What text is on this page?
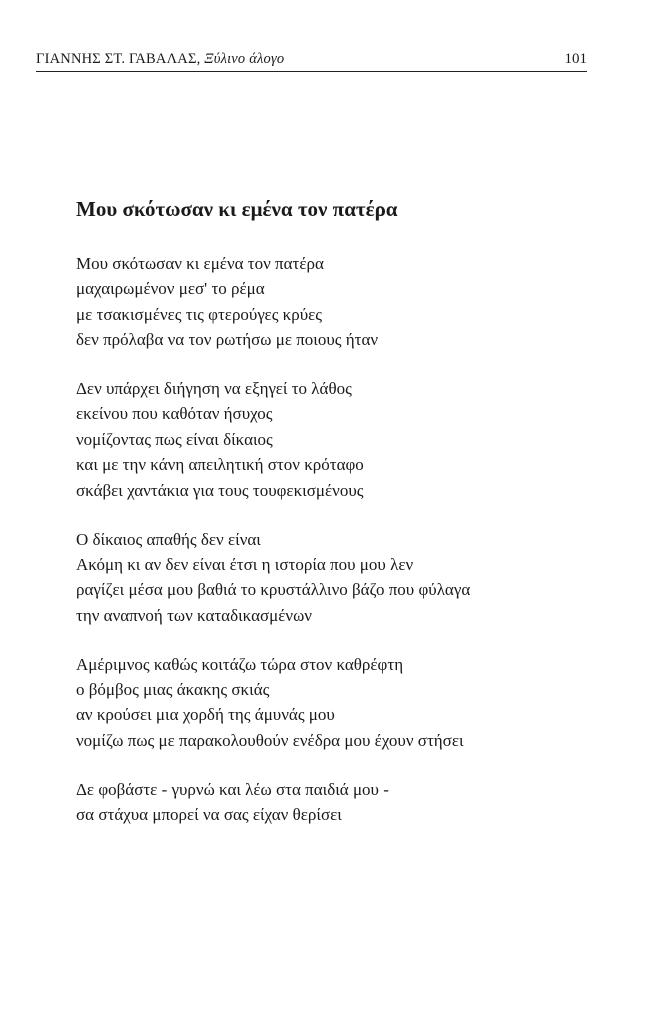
ΓΙΑΝΝΗΣ ΣΤ. ΓΑΒΑΛΑΣ, Ξύλινο άλογο	101
Μου σκότωσαν κι εμένα τον πατέρα
Μου σκότωσαν κι εμένα τον πατέρα
μαχαιρωμένον μεσ' το ρέμα
με τσακισμένες τις φτερούγες κρύες
δεν πρόλαβα να τον ρωτήσω με ποιους ήταν
Δεν υπάρχει διήγηση να εξηγεί το λάθος
εκείνου που καθόταν ήσυχος
νομίζοντας πως είναι δίκαιος
και με την κάνη απειλητική στον κρόταφο
σκάβει χαντάκια για τους τουφεκισμένους
Ο δίκαιος απαθής δεν είναι
Ακόμη κι αν δεν είναι έτσι η ιστορία που μου λεν
ραγίζει μέσα μου βαθιά το κρυστάλλινο βάζο που φύλαγα
την αναπνοή των καταδικασμένων
Αμέριμνος καθώς κοιτάζω τώρα στον καθρέφτη
ο βόμβος μιας άκακης σκιάς
αν κρούσει μια χορδή της άμυνάς μου
νομίζω πως με παρακολουθούν ενέδρα μου έχουν στήσει
Δε φοβάστε - γυρνώ και λέω στα παιδιά μου -
σα στάχυα μπορεί να σας είχαν θερίσει
